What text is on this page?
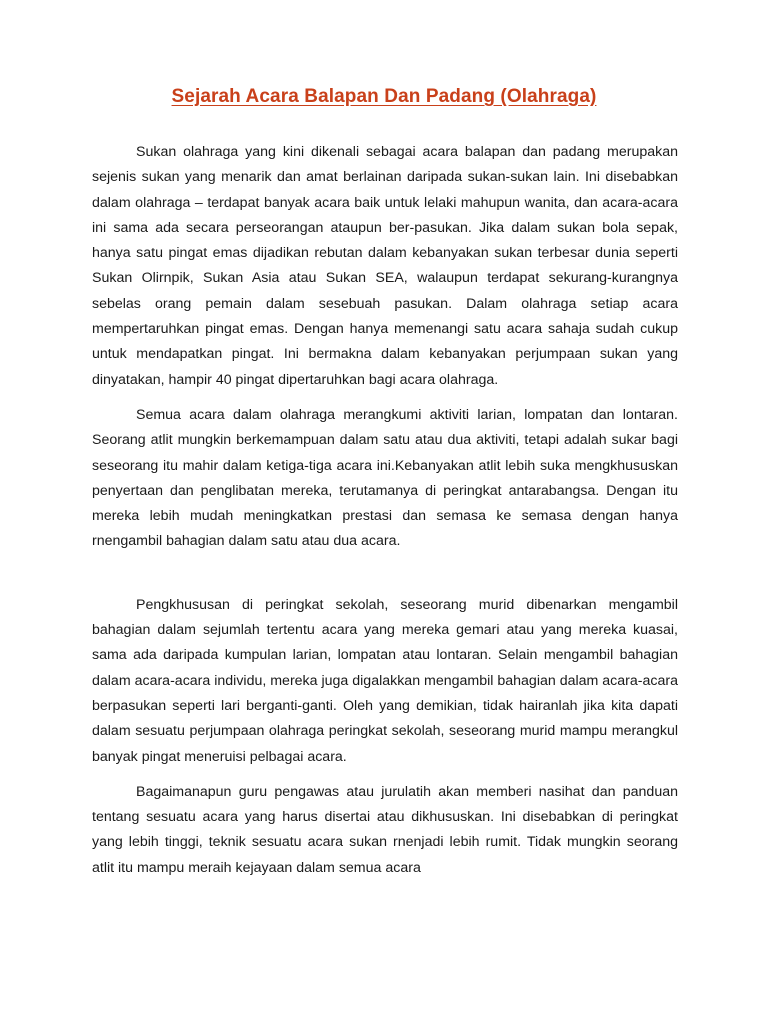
Sejarah Acara Balapan Dan Padang (Olahraga)

Sukan olahraga yang kini dikenali sebagai acara balapan dan padang merupakan sejenis sukan yang menarik dan amat berlainan daripada sukan-sukan lain. Ini disebabkan dalam olahraga – terdapat banyak acara baik untuk lelaki mahupun wanita, dan acara-acara ini sama ada secara perseorangan ataupun ber-pasukan. Jika dalam sukan bola sepak, hanya satu pingat emas dijadikan rebutan dalam kebanyakan sukan terbesar dunia seperti Sukan Olirnpik, Sukan Asia atau Sukan SEA, walaupun terdapat sekurang-kurangnya sebelas orang pemain dalam sesebuah pasukan. Dalam olahraga setiap acara mempertaruhkan pingat emas. Dengan hanya memenangi satu acara sahaja sudah cukup untuk mendapatkan pingat. Ini bermakna dalam kebanyakan perjumpaan sukan yang dinyatakan, hampir 40 pingat dipertaruhkan bagi acara olahraga.

Semua acara dalam olahraga merangkumi aktiviti larian, lompatan dan lontaran. Seorang atlit mungkin berkemampuan dalam satu atau dua aktiviti, tetapi adalah sukar bagi seseorang itu mahir dalam ketiga-tiga acara ini.Kebanyakan atlit lebih suka mengkhususkan penyertaan dan penglibatan mereka, terutamanya di peringkat antarabangsa. Dengan itu mereka lebih mudah meningkatkan prestasi dan semasa ke semasa dengan hanya rnengambil bahagian dalam satu atau dua acara.

Pengkhususan di peringkat sekolah, seseorang murid dibenarkan mengambil bahagian dalam sejumlah tertentu acara yang mereka gemari atau yang mereka kuasai, sama ada daripada kumpulan larian, lompatan atau lontaran. Selain mengambil bahagian dalam acara-acara individu, mereka juga digalakkan mengambil bahagian dalam acara-acara berpasukan seperti lari berganti-ganti. Oleh yang demikian, tidak hairanlah jika kita dapati dalam sesuatu perjumpaan olahraga peringkat sekolah, seseorang murid mampu merangkul banyak pingat meneruisi pelbagai acara.

Bagaimanapun guru pengawas atau jurulatih akan memberi nasihat dan panduan tentang sesuatu acara yang harus disertai atau dikhususkan. Ini disebabkan di peringkat yang lebih tinggi, teknik sesuatu acara sukan rnenjadi lebih rumit. Tidak mungkin seorang atlit itu mampu meraih kejayaan dalam semua acara
